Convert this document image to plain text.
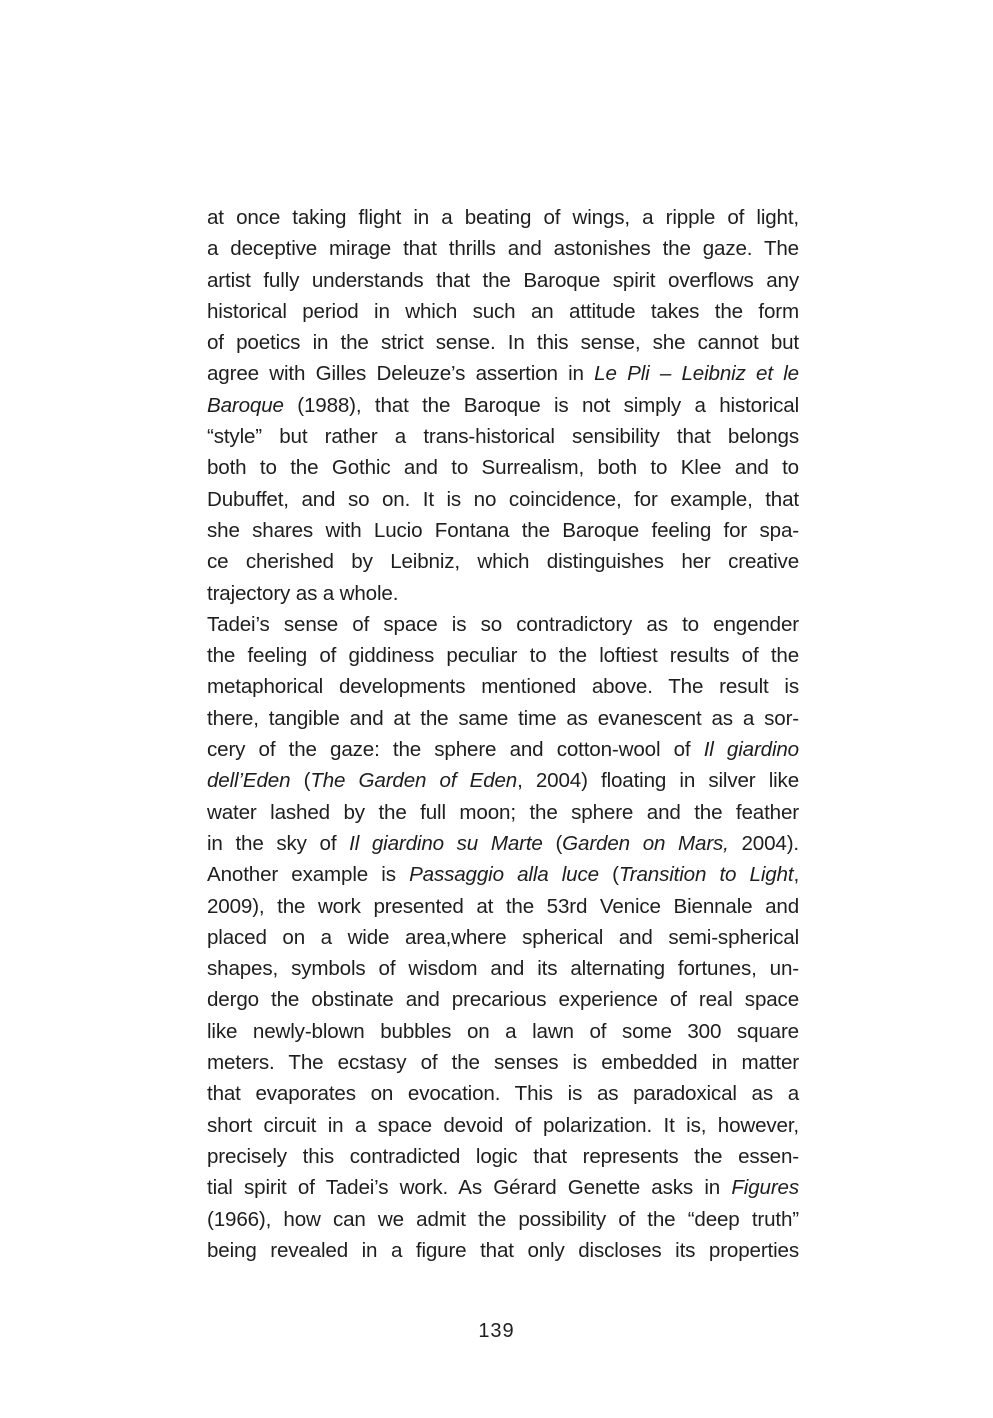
at once taking flight in a beating of wings, a ripple of light,
a deceptive mirage that thrills and astonishes the gaze. The
artist fully understands that the Baroque spirit overflows any
historical period in which such an attitude takes the form
of poetics in the strict sense. In this sense, she cannot but
agree with Gilles Deleuze’s assertion in Le Pli – Leibniz et le
Baroque (1988), that the Baroque is not simply a historical
“style” but rather a trans-historical sensibility that belongs
both to the Gothic and to Surrealism, both to Klee and to
Dubuffet, and so on. It is no coincidence, for example, that
she shares with Lucio Fontana the Baroque feeling for spa-
ce cherished by Leibniz, which distinguishes her creative
trajectory as a whole.
Tadei’s sense of space is so contradictory as to engender
the feeling of giddiness peculiar to the loftiest results of the
metaphorical developments mentioned above. The result is
there, tangible and at the same time as evanescent as a sor-
cery of the gaze: the sphere and cotton-wool of Il giardino
dell’Eden (The Garden of Eden, 2004) floating in silver like
water lashed by the full moon; the sphere and the feather
in the sky of Il giardino su Marte (Garden on Mars, 2004).
Another example is Passaggio alla luce (Transition to Light,
2009), the work presented at the 53rd Venice Biennale and
placed on a wide area,where spherical and semi-spherical
shapes, symbols of wisdom and its alternating fortunes, un-
dergo the obstinate and precarious experience of real space
like newly-blown bubbles on a lawn of some 300 square
meters. The ecstasy of the senses is embedded in matter
that evaporates on evocation. This is as paradoxical as a
short circuit in a space devoid of polarization. It is, however,
precisely this contradicted logic that represents the essen-
tial spirit of Tadei’s work. As Gérard Genette asks in Figures
(1966), how can we admit the possibility of the “deep truth”
being revealed in a figure that only discloses its properties
139
